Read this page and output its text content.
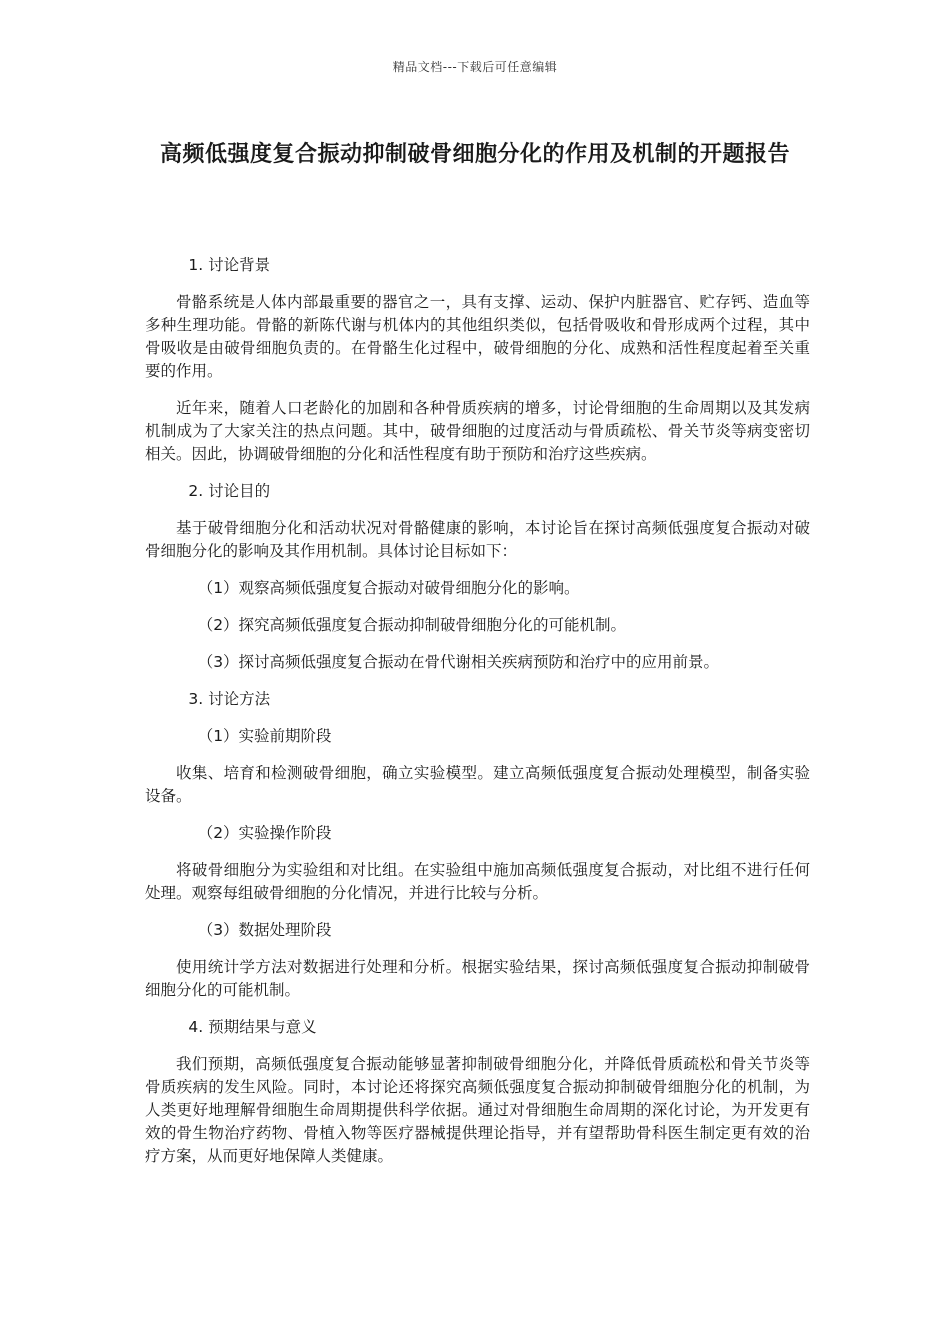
精品文档---下载后可任意编辑
高频低强度复合振动抑制破骨细胞分化的作用及机制的开题报告
1. 讨论背景
骨骼系统是人体内部最重要的器官之一，具有支撑、运动、保护内脏器官、贮存钙、造血等多种生理功能。骨骼的新陈代谢与机体内的其他组织类似，包括骨吸收和骨形成两个过程，其中骨吸收是由破骨细胞负责的。在骨骼生化过程中，破骨细胞的分化、成熟和活性程度起着至关重要的作用。
近年来，随着人口老龄化的加剧和各种骨质疾病的增多，讨论骨细胞的生命周期以及其发病机制成为了大家关注的热点问题。其中，破骨细胞的过度活动与骨质疏松、骨关节炎等病变密切相关。因此，协调破骨细胞的分化和活性程度有助于预防和治疗这些疾病。
2. 讨论目的
基于破骨细胞分化和活动状况对骨骼健康的影响，本讨论旨在探讨高频低强度复合振动对破骨细胞分化的影响及其作用机制。具体讨论目标如下：
（1）观察高频低强度复合振动对破骨细胞分化的影响。
（2）探究高频低强度复合振动抑制破骨细胞分化的可能机制。
（3）探讨高频低强度复合振动在骨代谢相关疾病预防和治疗中的应用前景。
3. 讨论方法
（1）实验前期阶段
收集、培育和检测破骨细胞，确立实验模型。建立高频低强度复合振动处理模型，制备实验设备。
（2）实验操作阶段
将破骨细胞分为实验组和对比组。在实验组中施加高频低强度复合振动，对比组不进行任何处理。观察每组破骨细胞的分化情况，并进行比较与分析。
（3）数据处理阶段
使用统计学方法对数据进行处理和分析。根据实验结果，探讨高频低强度复合振动抑制破骨细胞分化的可能机制。
4. 预期结果与意义
我们预期，高频低强度复合振动能够显著抑制破骨细胞分化，并降低骨质疏松和骨关节炎等骨质疾病的发生风险。同时，本讨论还将探究高频低强度复合振动抑制破骨细胞分化的机制，为人类更好地理解骨细胞生命周期提供科学依据。通过对骨细胞生命周期的深化讨论，为开发更有效的骨生物治疗药物、骨植入物等医疗器械提供理论指导，并有望帮助骨科医生制定更有效的治疗方案，从而更好地保障人类健康。
